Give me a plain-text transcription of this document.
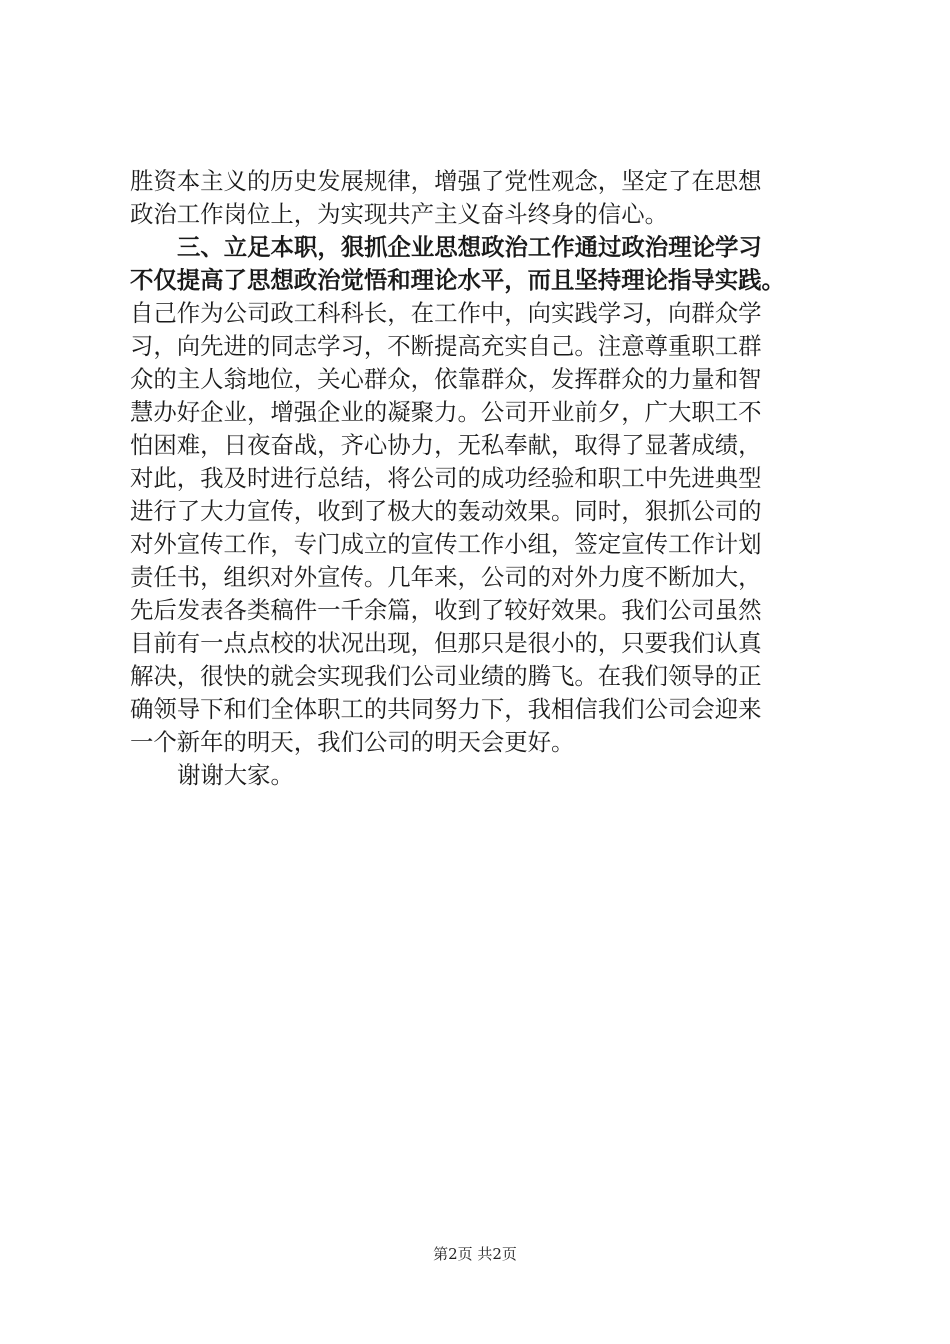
胜资本主义的历史发展规律，增强了党性观念，坚定了在思想
政治工作岗位上，为实现共产主义奋斗终身的信心。
三、立足本职，狠抓企业思想政治工作通过政治理论学习
不仅提高了思想政治觉悟和理论水平，而且坚持理论指导实践。
自己作为公司政工科科长，在工作中，向实践学习，向群众学
习，向先进的同志学习，不断提高充实自己。注意尊重职工群
众的主人翁地位，关心群众，依靠群众，发挥群众的力量和智
慧办好企业，增强企业的凝聚力。公司开业前夕，广大职工不
怕困难，日夜奋战，齐心协力，无私奉献，取得了显著成绩，
对此，我及时进行总结，将公司的成功经验和职工中先进典型
进行了大力宣传，收到了极大的轰动效果。同时，狠抓公司的
对外宣传工作，专门成立的宣传工作小组，签定宣传工作计划
责任书，组织对外宣传。几年来，公司的对外力度不断加大，
先后发表各类稿件一千余篇，收到了较好效果。我们公司虽然
目前有一点点校的状况出现，但那只是很小的，只要我们认真
解决，很快的就会实现我们公司业绩的腾飞。在我们领导的正
确领导下和们全体职工的共同努力下，我相信我们公司会迎来
一个新年的明天，我们公司的明天会更好。
谢谢大家。
第2页 共2页
